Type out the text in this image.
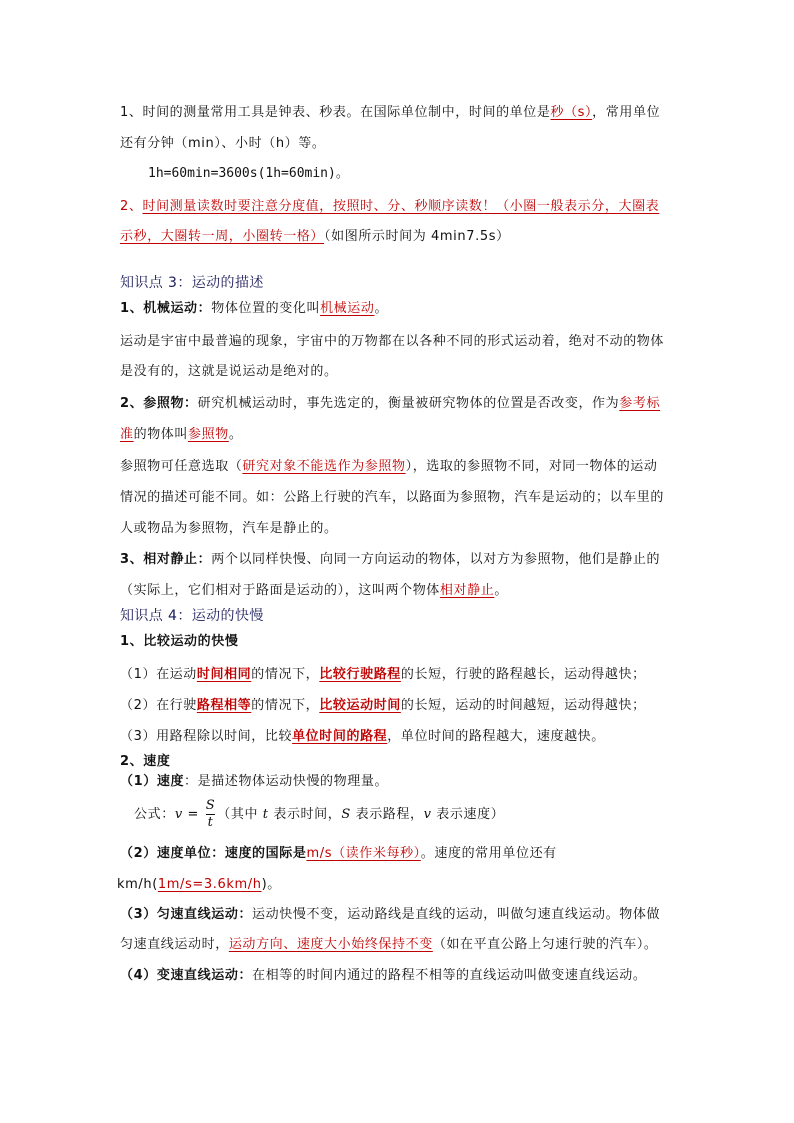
1、时间的测量常用工具是钟表、秒表。在国际单位制中，时间的单位是秒（s），常用单位

还有分钟（min）、小时（h）等。

1h=60min=3600s(1h=60min)。

2、时间测量读数时要注意分度值，按照时、分、秒顺序读数！（小圈一般表示分，大圈表

示秒，大圈转一周，小圈转一格）（如图所示时间为 4min7.5s）

知识点 3：运动的描述

1、机械运动：物体位置的变化叫机械运动。

运动是宇宙中最普遍的现象，宇宙中的万物都在以各种不同的形式运动着，绝对不动的物体

是没有的，这就是说运动是绝对的。

2、参照物：研究机械运动时，事先选定的，衡量被研究物体的位置是否改变，作为参考标

准的物体叫参照物。

参照物可任意选取（研究对象不能选作为参照物），选取的参照物不同，对同一物体的运动

情况的描述可能不同。如：公路上行驶的汽车，以路面为参照物，汽车是运动的；以车里的

人或物品为参照物，汽车是静止的。

3、相对静止：两个以同样快慢、向同一方向运动的物体，以对方为参照物，他们是静止的

（实际上，它们相对于路面是运动的），这叫两个物体相对静止。

知识点 4：运动的快慢

1、比较运动的快慢

（1）在运动时间相同的情况下，比较行驶路程的长短，行驶的路程越长，运动得越快；

（2）在行驶路程相等的情况下，比较运动时间的长短，运动的时间越短，运动得越快；

（3）用路程除以时间，比较单位时间的路程，单位时间的路程越大，速度越快。

2、速度

（1）速度：是描述物体运动快慢的物理量。

公式：$v = \frac{S}{t}$ （其中 t 表示时间，S 表示路程，v 表示速度）

（2）速度单位：速度的国际是m/s（读作米每秒）。速度的常用单位还有

km/h(1m/s=3.6km/h)。

（3）匀速直线运动：运动快慢不变，运动路线是直线的运动，叫做匀速直线运动。物体做

匀速直线运动时，运动方向、速度大小始终保持不变（如在平直公路上匀速行驶的汽车）。

（4）变速直线运动：在相等的时间内通过的路程不相等的直线运动叫做变速直线运动。
